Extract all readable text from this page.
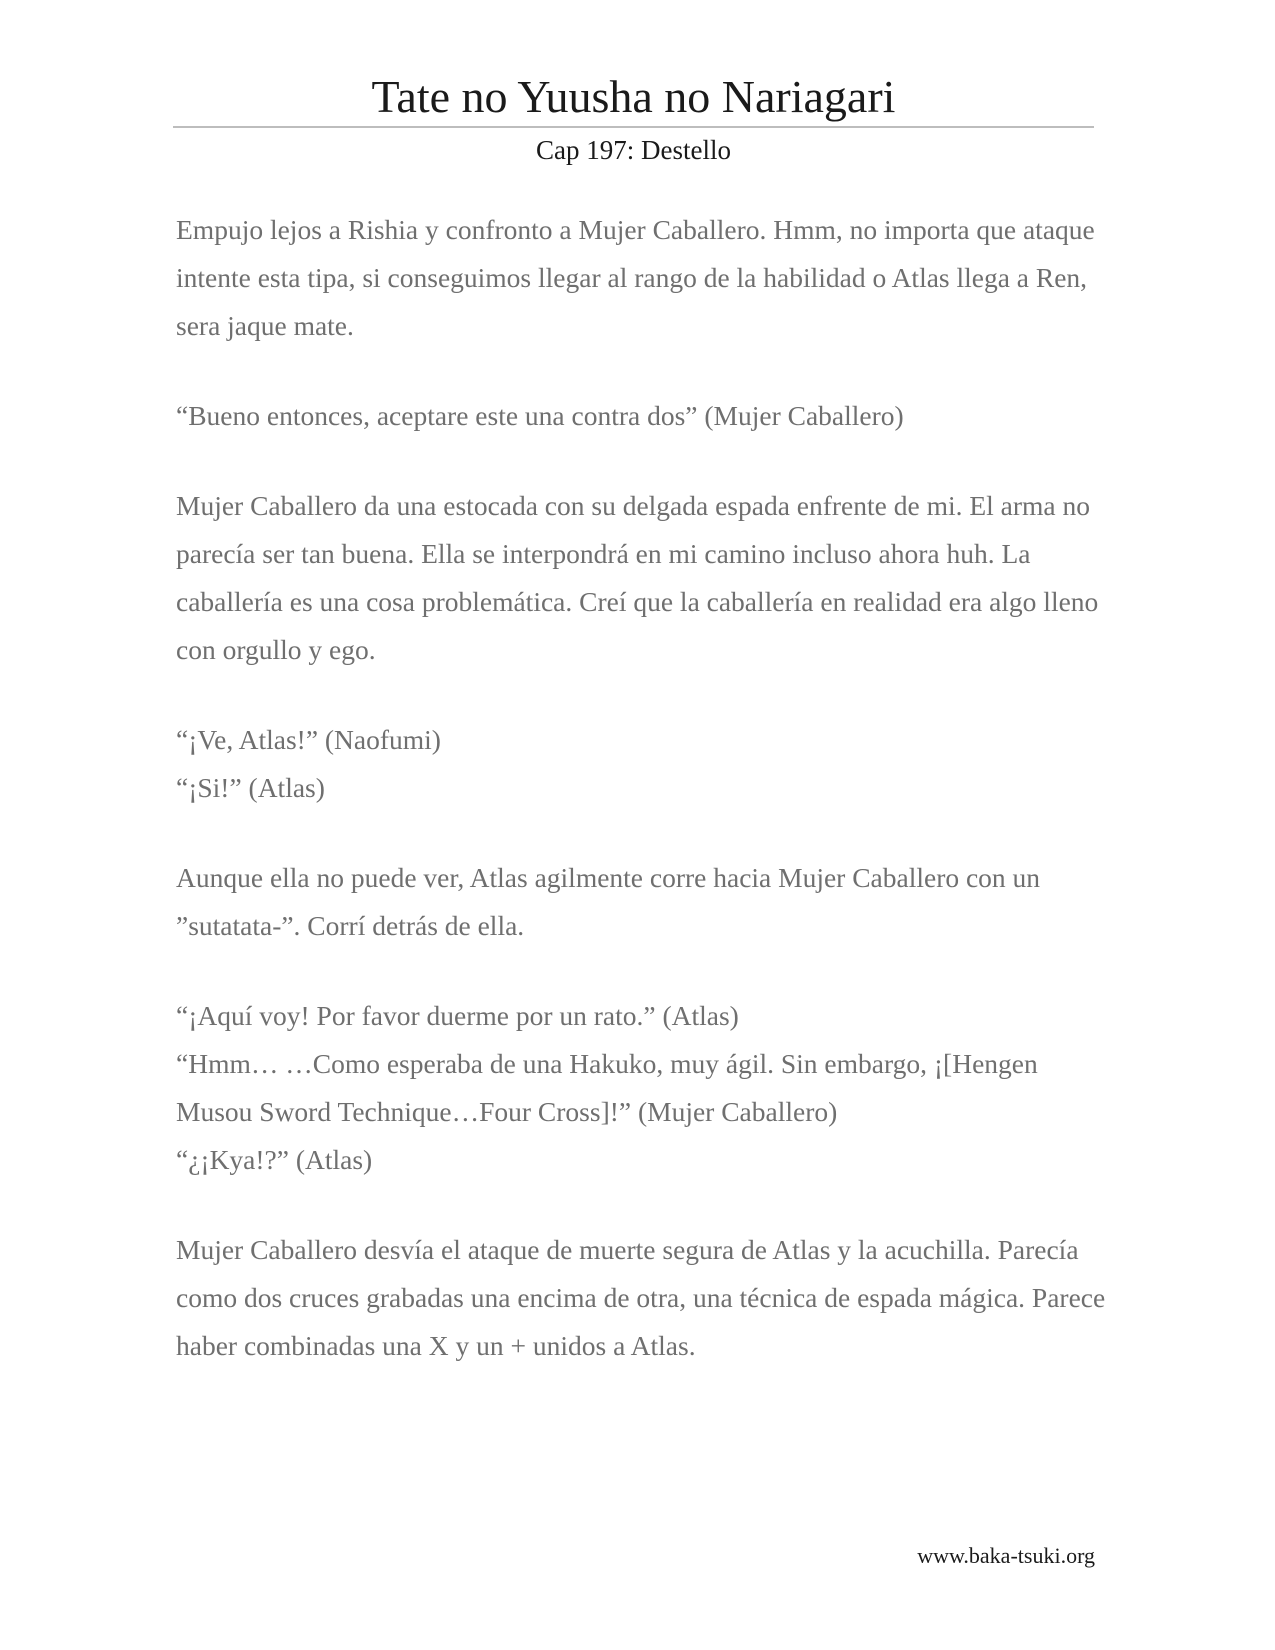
Tate no Yuusha no Nariagari
Cap 197: Destello

Empujo lejos a Rishia y confronto a Mujer Caballero. Hmm, no importa que ataque intente esta tipa, si conseguimos llegar al rango de la habilidad o Atlas llega a Ren, sera jaque mate.

“Bueno entonces, aceptare este una contra dos” (Mujer Caballero)

Mujer Caballero da una estocada con su delgada espada enfrente de mi. El arma no parecía ser tan buena. Ella se interpondrá en mi camino incluso ahora huh. La caballería es una cosa problemática. Creí que la caballería en realidad era algo lleno con orgullo y ego.

“¡Ve, Atlas!” (Naofumi)

“¡Si!” (Atlas)

Aunque ella no puede ver, Atlas agilmente corre hacia Mujer Caballero con un ”sutatata-”. Corrí detrás de ella.

“¡Aquí voy! Por favor duerme por un rato.” (Atlas)

“Hmm… …Como esperaba de una Hakuko, muy ágil. Sin embargo, ¡[Hengen Musou Sword Technique…Four Cross]!” (Mujer Caballero)

“¿¡Kya!?” (Atlas)

Mujer Caballero desvía el ataque de muerte segura de Atlas y la acuchilla. Parecía como dos cruces grabadas una encima de otra, una técnica de espada mágica. Parece haber combinadas una X y un + unidos a Atlas.

www.baka-tsuki.org
